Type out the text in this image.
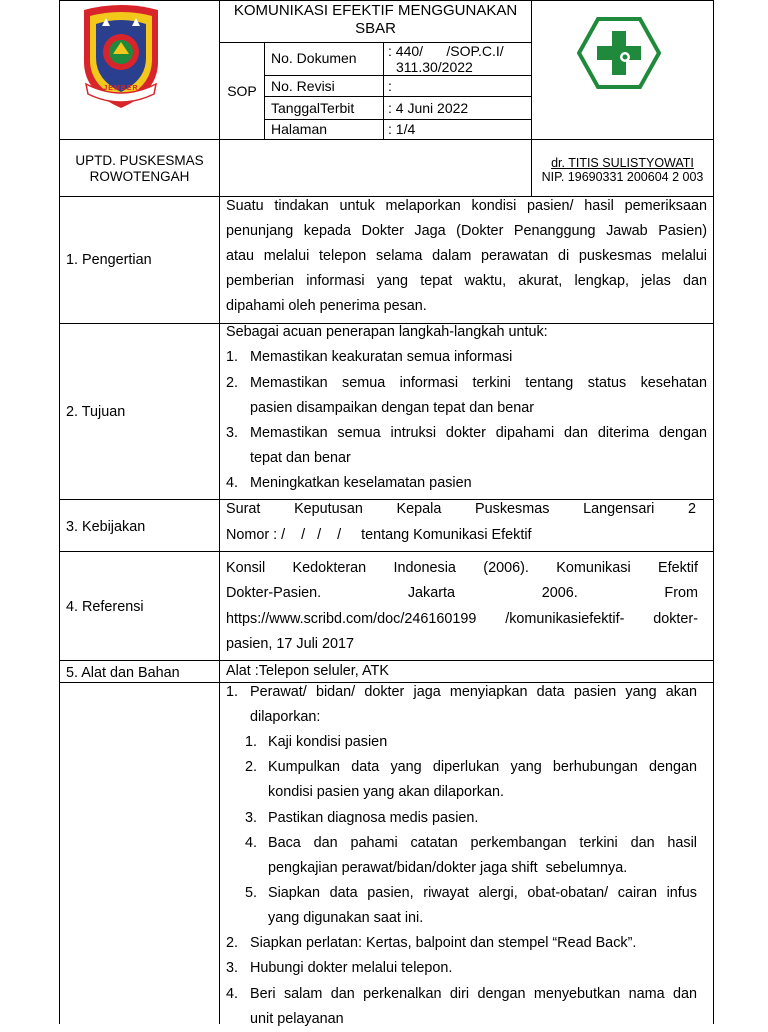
JEMBER
KOMUNIKASI EFEKTIF MENGGUNAKAN
SBAR
SOP
No. Dokumen : 440/      /SOP.C.I/
311.30/2022
No. Revisi	:
TanggalTerbit : 4 Juni 2022
Halaman	: 1/4
UPTD. PUSKESMAS
ROWOTENGAH
dr. TITIS SULISTYOWATI
NIP. 19690331 200604 2 003
1. Pengertian
Suatu tindakan untuk melaporkan kondisi pasien/ hasil pemeriksaan
penunjang kepada Dokter Jaga (Dokter Penanggung Jawab Pasien)
atau melalui telepon selama dalam perawatan di puskesmas melalui
pemberian informasi yang tepat waktu, akurat, lengkap, jelas dan
dipahami oleh penerima pesan.
2. Tujuan
Sebagai acuan penerapan langkah-langkah untuk:
1. Memastikan keakuratan semua informasi
2. Memastikan semua informasi terkini tentang status kesehatan
pasien disampaikan dengan tepat dan benar
3. Memastikan semua intruksi dokter dipahami dan diterima dengan
tepat dan benar
4. Meningkatkan keselamatan pasien
3. Kebijakan
Surat Keputusan Kepala Puskesmas Langensari 2
Nomor : /    /   /    /     tentang Komunikasi Efektif
4. Referensi
Konsil Kedokteran Indonesia (2006). Komunikasi Efektif
Dokter-Pasien. Jakarta 2006. From
https://www.scribd.com/doc/246160199 /komunikasiefektif- dokter-
pasien, 17 Juli 2017
5. Alat dan Bahan	Alat :Telepon seluler, ATK
1. Perawat/ bidan/ dokter jaga menyiapkan data pasien yang akan
dilaporkan:
1. Kaji kondisi pasien
2. Kumpulkan data yang diperlukan yang berhubungan dengan
kondisi pasien yang akan dilaporkan.
3. Pastikan diagnosa medis pasien.
4. Baca dan pahami catatan perkembangan terkini dan hasil
pengkajian perawat/bidan/dokter jaga shift  sebelumnya.
5. Siapkan data pasien, riwayat alergi, obat-obatan/ cairan infus
yang digunakan saat ini.
2. Siapkan perlatan: Kertas, balpoint dan stempel “Read Back”.
3. Hubungi dokter melalui telepon.
4. Beri salam dan perkenalkan diri dengan menyebutkan nama dan
unit pelayanan
